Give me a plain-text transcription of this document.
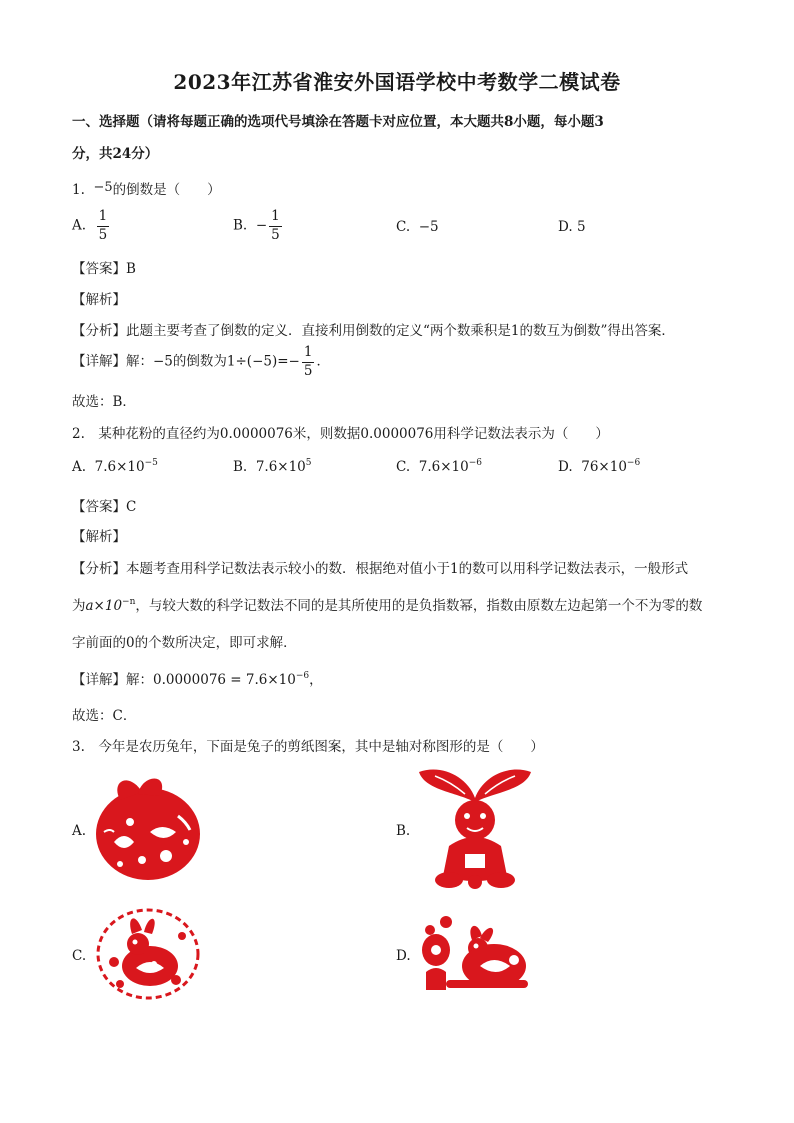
2023年江苏省淮安外国语学校中考数学二模试卷
一、选择题（请将每题正确的选项代号填涂在答题卡对应位置，本大题共8小题，每小题3
分，共24分）
1. $^{-5}$的倒数是（　　）
A. $\frac{1}{5}$	B. − $\frac{1}{5}$	C. −5	D. 5
【答案】B
【解析】
【分析】此题主要考查了倒数的定义．直接利用倒数的定义“两个数乘积是1的数互为倒数”得出答案．
【详解】解：−5的倒数为$1\div(-5)=- \frac{1}{5}$ ．
故选：B．
2.　某种花粉的直径约为0.0000076米，则数据0.0000076用科学记数法表示为（　　）
A. $7.6\times 10^{-5}$	B. $7.6\times 10^5$	C. $7.6\times 10^{-6}$	D. $76\times 10^{-6}$
【答案】C
【解析】
【分析】本题考查用科学记数法表示较小的数．根据绝对值小于1的数可以用科学记数法表示，一般形式
为$a\times 10^{-n}$，与较大数的科学记数法不同的是其所使用的是负指数幂，指数由原数左边起第一个不为零的数
字前面的0的个数所决定，即可求解．
【详解】解：$0.0000076 = 7.6\times 10^{-6}$，
故选：C．
3.　今年是农历兔年，下面是兔子的剪纸图案，其中是轴对称图形的是（　　）
A.	B.
C.	D.
